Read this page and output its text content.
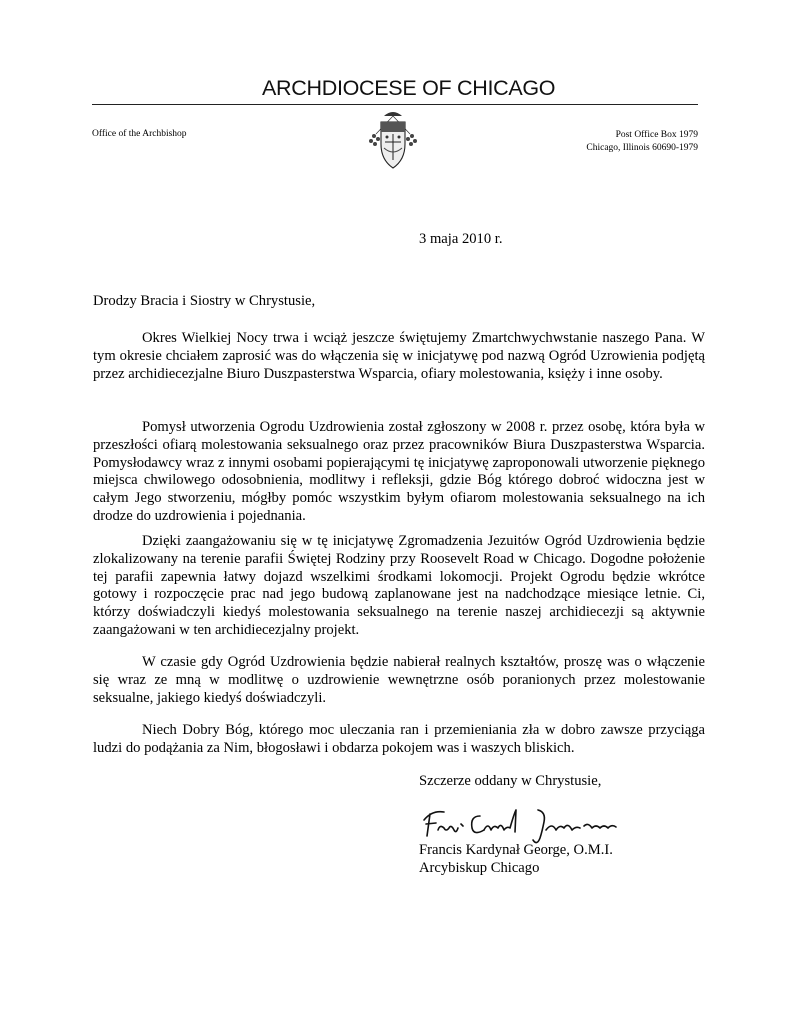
ARCHDIOCESE OF CHICAGO
Office of the Archbishop	Post Office Box 1979
Chicago, Illinois 60690-1979
3 maja 2010 r.
Drodzy Bracia i Siostry w Chrystusie,

Okres Wielkiej Nocy trwa i wciąż jeszcze świętujemy Zmartchwychwstanie naszego Pana. W tym okresie chciałem zaprosić was do włączenia się w inicjatywę pod nazwą Ogród Uzrowienia podjętą przez archidiecezjalne Biuro Duszpasterstwa Wsparcia, ofiary molestowania, księży i inne osoby.

Pomysł utworzenia Ogrodu Uzdrowienia został zgłoszony w 2008 r. przez osobę, która była w przeszłości ofiarą molestowania seksualnego oraz przez pracowników Biura Duszpasterstwa Wsparcia. Pomysłodawcy wraz z innymi osobami popierającymi tę inicjatywę zaproponowali utworzenie pięknego miejsca chwilowego odosobnienia, modlitwy i refleksji, gdzie Bóg którego dobroć widoczna jest w całym Jego stworzeniu, mógłby pomóc wszystkim byłym ofiarom molestowania seksualnego na ich drodze do uzdrowienia i pojednania.

Dzięki zaangażowaniu się w tę inicjatywę Zgromadzenia Jezuitów Ogród Uzdrowienia będzie zlokalizowany na terenie parafii Świętej Rodziny przy Roosevelt Road w Chicago. Dogodne położenie tej parafii zapewnia łatwy dojazd wszelkimi środkami lokomocji. Projekt Ogrodu będzie wkrótce gotowy i rozpoczęcie prac nad jego budową zaplanowane jest na nadchodzące miesiące letnie. Ci, którzy doświadczyli kiedyś molestowania seksualnego na terenie naszej archidiecezji są aktywnie zaangażowani w ten archidiecezjalny projekt.

W czasie gdy Ogród Uzdrowienia będzie nabierał realnych kształtów, proszę was o włączenie się wraz ze mną w modlitwę o uzdrowienie wewnętrzne osób poranionych przez molestowanie seksualne, jakiego kiedyś doświadczyli.

Niech Dobry Bóg, którego moc uleczania ran i przemieniania zła w dobro zawsze przyciąga ludzi do podążania za Nim, błogosławi i obdarza pokojem was i waszych bliskich.

Szczerze oddany w Chrystusie,
Francis Kardynał George, O.M.I.
Arcybiskup Chicago
